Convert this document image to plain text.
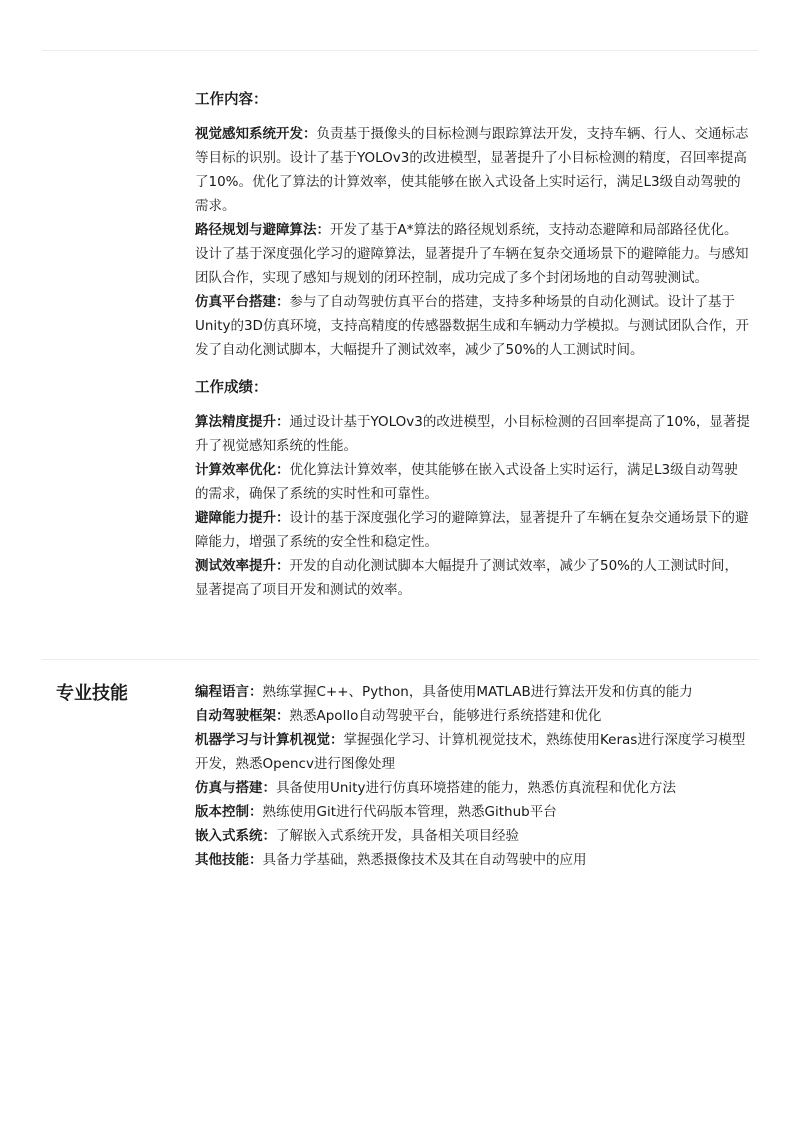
工作内容：

视觉感知系统开发：负责基于摄像头的目标检测与跟踪算法开发，支持车辆、行人、交通标志等目标的识别。设计了基于YOLOv3的改进模型，显著提升了小目标检测的精度，召回率提高了10%。优化了算法的计算效率，使其能够在嵌入式设备上实时运行，满足L3级自动驾驶的需求。

路径规划与避障算法：开发了基于A*算法的路径规划系统，支持动态避障和局部路径优化。设计了基于深度强化学习的避障算法，显著提升了车辆在复杂交通场景下的避障能力。与感知团队合作，实现了感知与规划的闭环控制，成功完成了多个封闭场地的自动驾驶测试。

仿真平台搭建：参与了自动驾驶仿真平台的搭建，支持多种场景的自动化测试。设计了基于Unity的3D仿真环境，支持高精度的传感器数据生成和车辆动力学模拟。与测试团队合作，开发了自动化测试脚本，大幅提升了测试效率，减少了50%的人工测试时间。

工作成绩：

算法精度提升：通过设计基于YOLOv3的改进模型，小目标检测的召回率提高了10%，显著提升了视觉感知系统的性能。

计算效率优化：优化算法计算效率，使其能够在嵌入式设备上实时运行，满足L3级自动驾驶的需求，确保了系统的实时性和可靠性。

避障能力提升：设计的基于深度强化学习的避障算法，显著提升了车辆在复杂交通场景下的避障能力，增强了系统的安全性和稳定性。

测试效率提升：开发的自动化测试脚本大幅提升了测试效率，减少了50%的人工测试时间，显著提高了项目开发和测试的效率。

专业技能	编程语言：熟练掌握C++、Python，具备使用MATLAB进行算法开发和仿真的能力

自动驾驶框架：熟悉Apollo自动驾驶平台，能够进行系统搭建和优化

机器学习与计算机视觉：掌握强化学习、计算机视觉技术，熟练使用Keras进行深度学习模型开发，熟悉Opencv进行图像处理

仿真与搭建：具备使用Unity进行仿真环境搭建的能力，熟悉仿真流程和优化方法

版本控制：熟练使用Git进行代码版本管理，熟悉Github平台

嵌入式系统：了解嵌入式系统开发，具备相关项目经验

其他技能：具备力学基础，熟悉摄像技术及其在自动驾驶中的应用
